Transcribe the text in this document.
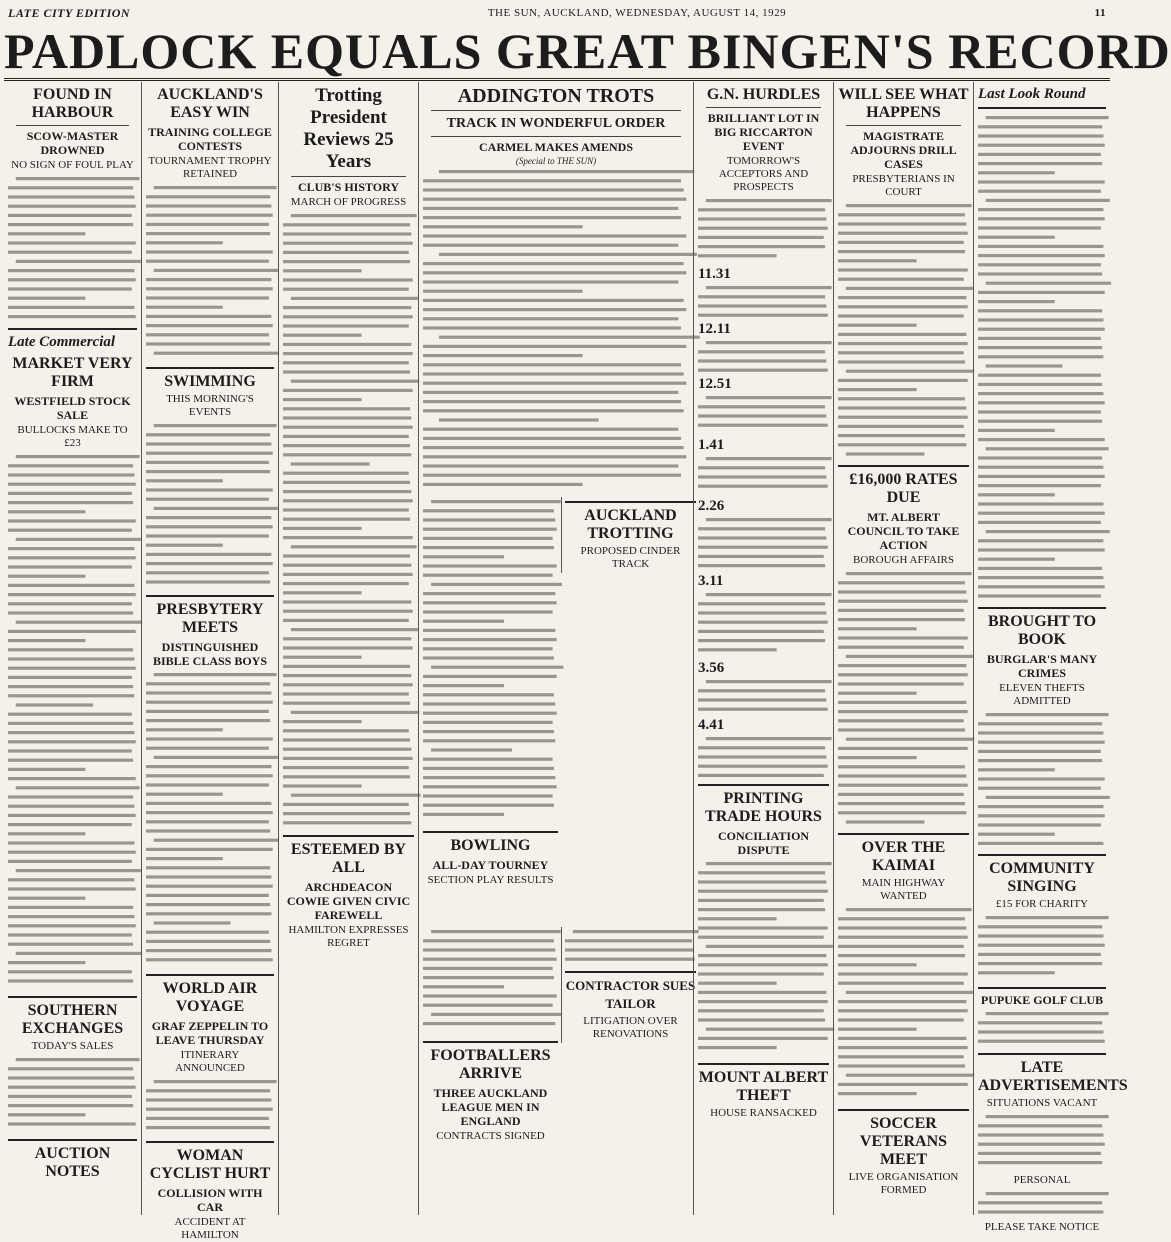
LATE CITY EDITION	THE SUN, AUCKLAND, WEDNESDAY, AUGUST 14, 1929	11
PADLOCK EQUALS GREAT BINGEN'S RECORD
FOUND IN HARBOUR
SCOW-MASTER DROWNED
NO SIGN OF FOUL PLAY
Late Commercial
MARKET VERY FIRM
WESTFIELD STOCK SALE
BULLOCKS MAKE TO £23
SOUTHERN EXCHANGES
TODAY'S SALES
AUCTION NOTES
AUCKLAND'S EASY WIN
TRAINING COLLEGE CONTESTS
TOURNAMENT TROPHY RETAINED
SWIMMING
THIS MORNING'S EVENTS
PRESBYTERY MEETS
DISTINGUISHED BIBLE CLASS BOYS
WORLD AIR VOYAGE
GRAF ZEPPELIN TO LEAVE THURSDAY
ITINERARY ANNOUNCED
WOMAN CYCLIST HURT
COLLISION WITH CAR
ACCIDENT AT HAMILTON
Trotting President Reviews 25 Years
CLUB'S HISTORY
MARCH OF PROGRESS
ESTEEMED BY ALL
ARCHDEACON COWIE GIVEN CIVIC FAREWELL
HAMILTON EXPRESSES REGRET
ADDINGTON TROTS
TRACK IN WONDERFUL ORDER
CARMEL MAKES AMENDS
(Special to THE SUN)
BOWLING
ALL-DAY TOURNEY
SECTION PLAY RESULTS
AUCKLAND TROTTING
PROPOSED CINDER TRACK
FOOTBALLERS ARRIVE
THREE AUCKLAND LEAGUE MEN IN ENGLAND
CONTRACTS SIGNED
CONTRACTOR SUES TAILOR
LITIGATION OVER RENOVATIONS
G.N. HURDLES
BRILLIANT LOT IN BIG RICCARTON EVENT
TOMORROW'S ACCEPTORS AND PROSPECTS
11.31
12.11
12.51
1.41
2.26
3.11
3.56
4.41
PRINTING TRADE HOURS
CONCILIATION DISPUTE
MOUNT ALBERT THEFT
HOUSE RANSACKED
WILL SEE WHAT HAPPENS
MAGISTRATE ADJOURNS DRILL CASES
PRESBYTERIANS IN COURT
£16,000 RATES DUE
MT. ALBERT COUNCIL TO TAKE ACTION
BOROUGH AFFAIRS
OVER THE KAIMAI
MAIN HIGHWAY WANTED
SOCCER VETERANS MEET
LIVE ORGANISATION FORMED
Last Look Round
BROUGHT TO BOOK
BURGLAR'S MANY CRIMES
ELEVEN THEFTS ADMITTED
COMMUNITY SINGING
£15 FOR CHARITY
PUPUKE GOLF CLUB
LATE ADVERTISEMENTS
SITUATIONS VACANT
PERSONAL
PLEASE TAKE NOTICE
